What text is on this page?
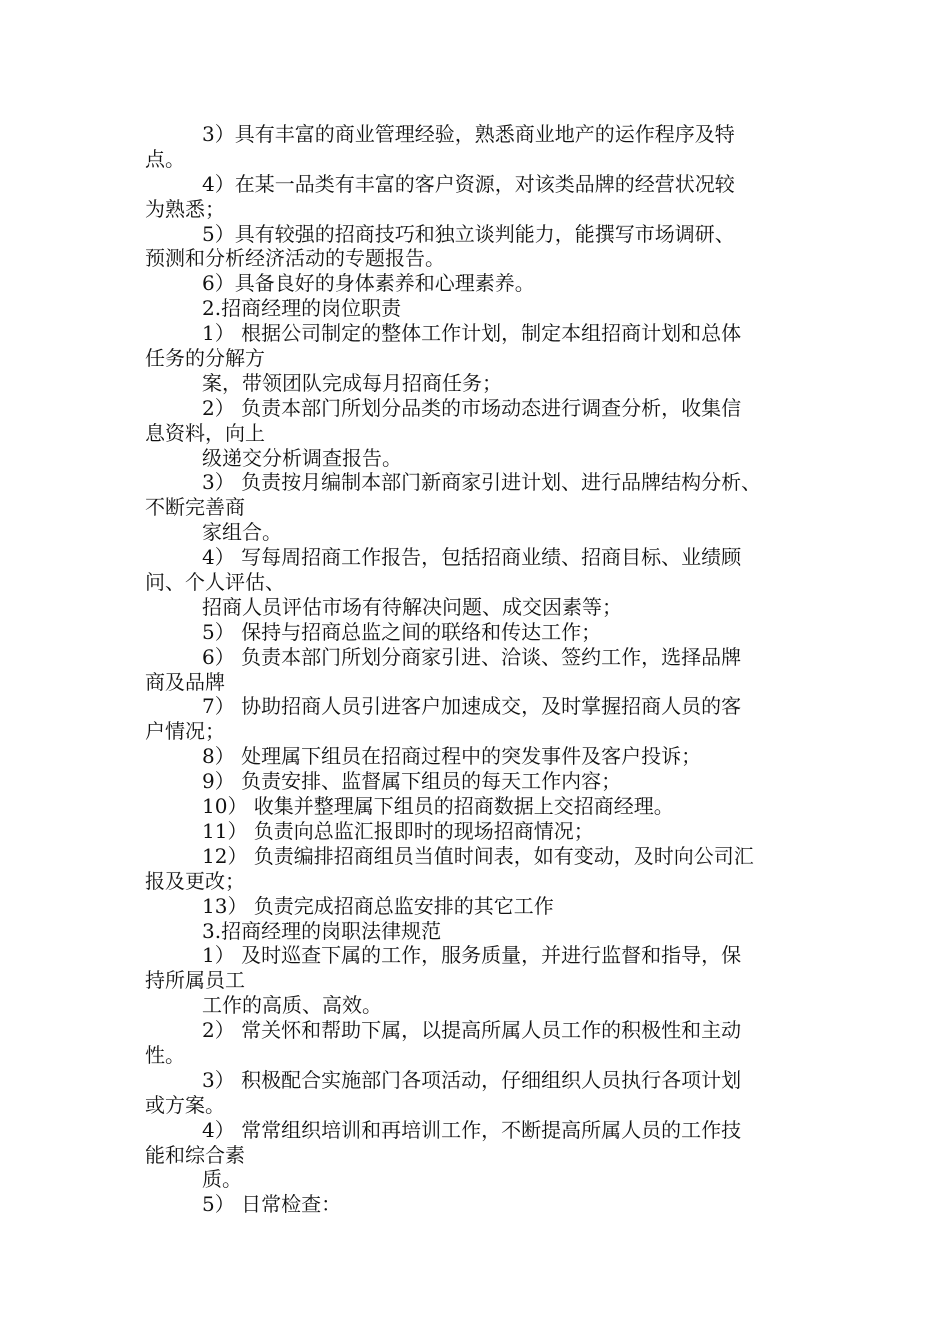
3）具有丰富的商业管理经验，熟悉商业地产的运作程序及特
点。
4）在某一品类有丰富的客户资源，对该类品牌的经营状况较
为熟悉；
5）具有较强的招商技巧和独立谈判能力，能撰写市场调研、
预测和分析经济活动的专题报告。
6）具备良好的身体素养和心理素养。
2.招商经理的岗位职责
1） 根据公司制定的整体工作计划，制定本组招商计划和总体
任务的分解方
案，带领团队完成每月招商任务；
2） 负责本部门所划分品类的市场动态进行调查分析，收集信
息资料，向上
级递交分析调查报告。
3） 负责按月编制本部门新商家引进计划、进行品牌结构分析、
不断完善商
家组合。
4） 写每周招商工作报告，包括招商业绩、招商目标、业绩顾
问、个人评估、
招商人员评估市场有待解决问题、成交因素等；
5） 保持与招商总监之间的联络和传达工作；
6） 负责本部门所划分商家引进、洽谈、签约工作，选择品牌
商及品牌
7） 协助招商人员引进客户加速成交，及时掌握招商人员的客
户情况；
8） 处理属下组员在招商过程中的突发事件及客户投诉；
9） 负责安排、监督属下组员的每天工作内容；
10） 收集并整理属下组员的招商数据上交招商经理。
11） 负责向总监汇报即时的现场招商情况；
12） 负责编排招商组员当值时间表，如有变动，及时向公司汇
报及更改；
13） 负责完成招商总监安排的其它工作
3.招商经理的岗职法律规范
1） 及时巡查下属的工作，服务质量，并进行监督和指导，保
持所属员工
工作的高质、高效。
2） 常关怀和帮助下属，以提高所属人员工作的积极性和主动
性。
3） 积极配合实施部门各项活动，仔细组织人员执行各项计划
或方案。
4） 常常组织培训和再培训工作，不断提高所属人员的工作技
能和综合素
质。
5） 日常检查：
